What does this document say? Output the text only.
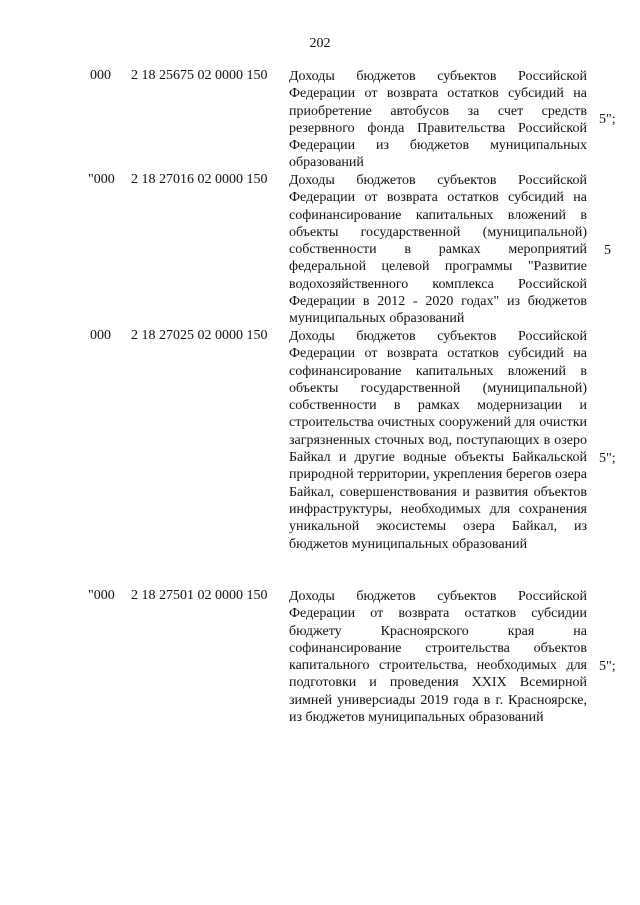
202
000 2 18 25675 02 0000 150 Доходы бюджетов субъектов Российской Федерации от возврата остатков субсидий на приобретение автобусов за счет средств резервного фонда Правительства Российской Федерации из бюджетов муниципальных образований
5";
"000 2 18 27016 02 0000 150 Доходы бюджетов субъектов Российской Федерации от возврата остатков субсидий на софинансирование капитальных вложений в объекты государственной (муниципальной) собственности в рамках мероприятий федеральной целевой программы "Развитие водохозяйственного комплекса Российской Федерации в 2012 - 2020 годах" из бюджетов муниципальных образований
5
000 2 18 27025 02 0000 150 Доходы бюджетов субъектов Российской Федерации от возврата остатков субсидий на софинансирование капитальных вложений в объекты государственной (муниципальной) собственности в рамках модернизации и строительства очистных сооружений для очистки загрязненных сточных вод, поступающих в озеро Байкал и другие водные объекты Байкальской природной территории, укрепления берегов озера Байкал, совершенствования и развития объектов инфраструктуры, необходимых для сохранения уникальной экосистемы озера Байкал, из бюджетов муниципальных образований
5";
"000 2 18 27501 02 0000 150 Доходы бюджетов субъектов Российской Федерации от возврата остатков субсидии бюджету Красноярского края на софинансирование строительства объектов капитального строительства, необходимых для подготовки и проведения XXIX Всемирной зимней универсиады 2019 года в г. Красноярске, из бюджетов муниципальных образований
5";
